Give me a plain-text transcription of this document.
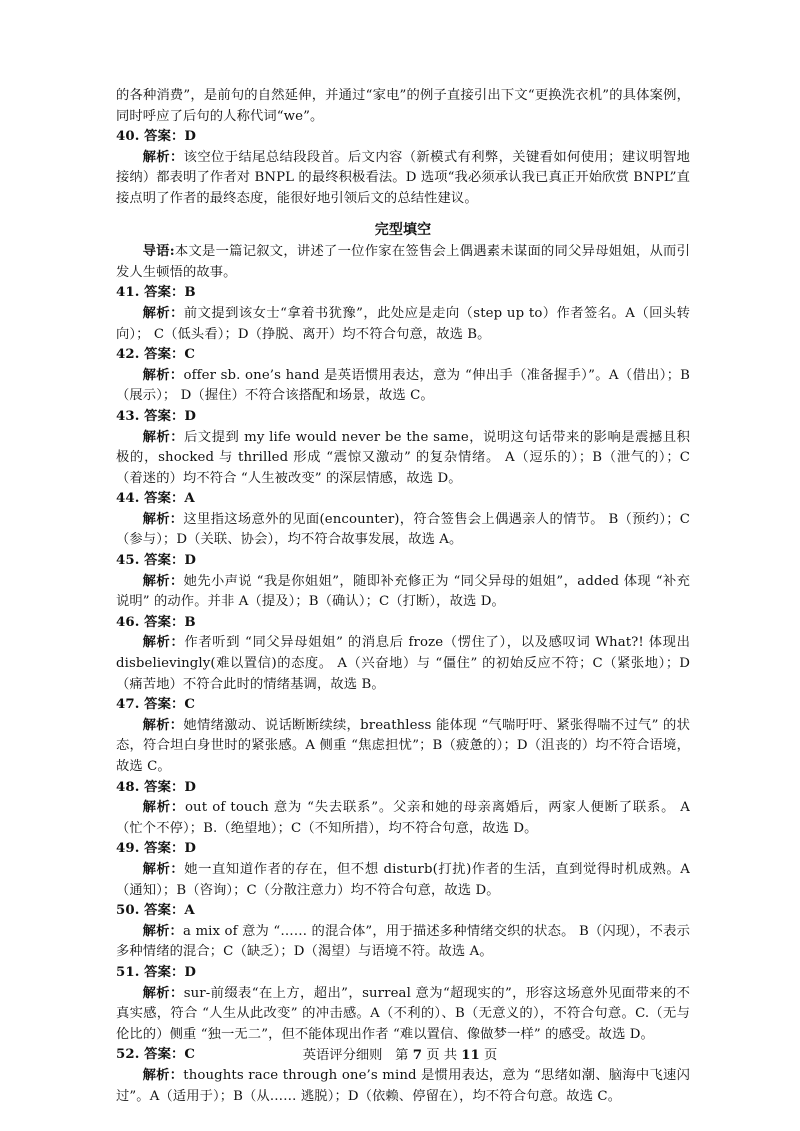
的各种消费”，是前句的自然延伸，并通过“家电”的例子直接引出下文“更换洗衣机”的具体案例，同时呼应了后句的人称代词“we”。

40. 答案：D

解析：该空位于结尾总结段段首。后文内容（新模式有利弊，关键看如何使用；建议明智地接纳）都表明了作者对 BNPL 的最终积极看法。D 选项“我必须承认我已真正开始欣赏 BNPL”直接点明了作者的最终态度，能很好地引领后文的总结性建议。

完型填空

导语:本文是一篇记叙文，讲述了一位作家在签售会上偶遇素未谋面的同父异母姐姐，从而引发人生顿悟的故事。

41. 答案：B

解析：前文提到该女士“拿着书犹豫”，此处应是走向（step up to）作者签名。A（回头转向）； C（低头看）；D（挣脱、离开）均不符合句意，故选 B。

42. 答案：C

解析：offer sb. one’s hand 是英语惯用表达，意为 “伸出手（准备握手）”。A（借出）；B（展示）； D（握住）不符合该搭配和场景，故选 C。

43. 答案：D

解析：后文提到 my life would never be the same，说明这句话带来的影响是震撼且积极的，shocked 与 thrilled 形成 “震惊又激动” 的复杂情绪。 A（逗乐的）；B（泄气的）；C（着迷的）均不符合 “人生被改变” 的深层情感，故选 D。

44. 答案：A

解析：这里指这场意外的见面(encounter)，符合签售会上偶遇亲人的情节。 B（预约）；C（参与）；D（关联、协会），均不符合故事发展，故选 A。

45. 答案：D

解析：她先小声说 “我是你姐姐”，随即补充修正为 “同父异母的姐姐”，added 体现 “补充说明” 的动作。并非 A（提及）；B（确认）；C（打断），故选 D。

46. 答案：B

解析：作者听到 “同父异母姐姐” 的消息后 froze（愣住了），以及感叹词 What?! 体现出 disbelievingly(难以置信)的态度。 A（兴奋地）与 “僵住” 的初始反应不符；C（紧张地）；D（痛苦地）不符合此时的情绪基调，故选 B。

47. 答案：C

解析：她情绪激动、说话断断续续，breathless 能体现 “气喘吁吁、紧张得喘不过气” 的状态，符合坦白身世时的紧张感。A 侧重 “焦虑担忧”；B（疲惫的）；D（沮丧的）均不符合语境，故选 C。

48. 答案：D

解析：out of touch 意为 “失去联系”。父亲和她的母亲离婚后，两家人便断了联系。 A（忙个不停）；B.（绝望地）；C（不知所措），均不符合句意，故选 D。

49. 答案：D

解析：她一直知道作者的存在，但不想 disturb(打扰)作者的生活，直到觉得时机成熟。A（通知）；B（咨询）；C（分散注意力）均不符合句意，故选 D。

50. 答案：A

解析：a mix of 意为 “…… 的混合体”，用于描述多种情绪交织的状态。 B（闪现），不表示多种情绪的混合；C（缺乏）；D（渴望）与语境不符。故选 A。

51. 答案：D

解析：sur-前缀表“在上方，超出”，surreal 意为“超现实的”，形容这场意外见面带来的不真实感，符合 “人生从此改变” 的冲击感。A（不利的）、B（无意义的），不符合句意。C.（无与伦比的）侧重 “独一无二”，但不能体现出作者 “难以置信、像做梦一样” 的感受。故选 D。

52. 答案：C

解析：thoughts race through one’s mind 是惯用表达，意为 “思绪如潮、脑海中飞速闪过”。A（适用于）；B（从…… 逃脱）；D（依赖、停留在），均不符合句意。故选 C。

英语评分细则 第 7 页 共 11 页
